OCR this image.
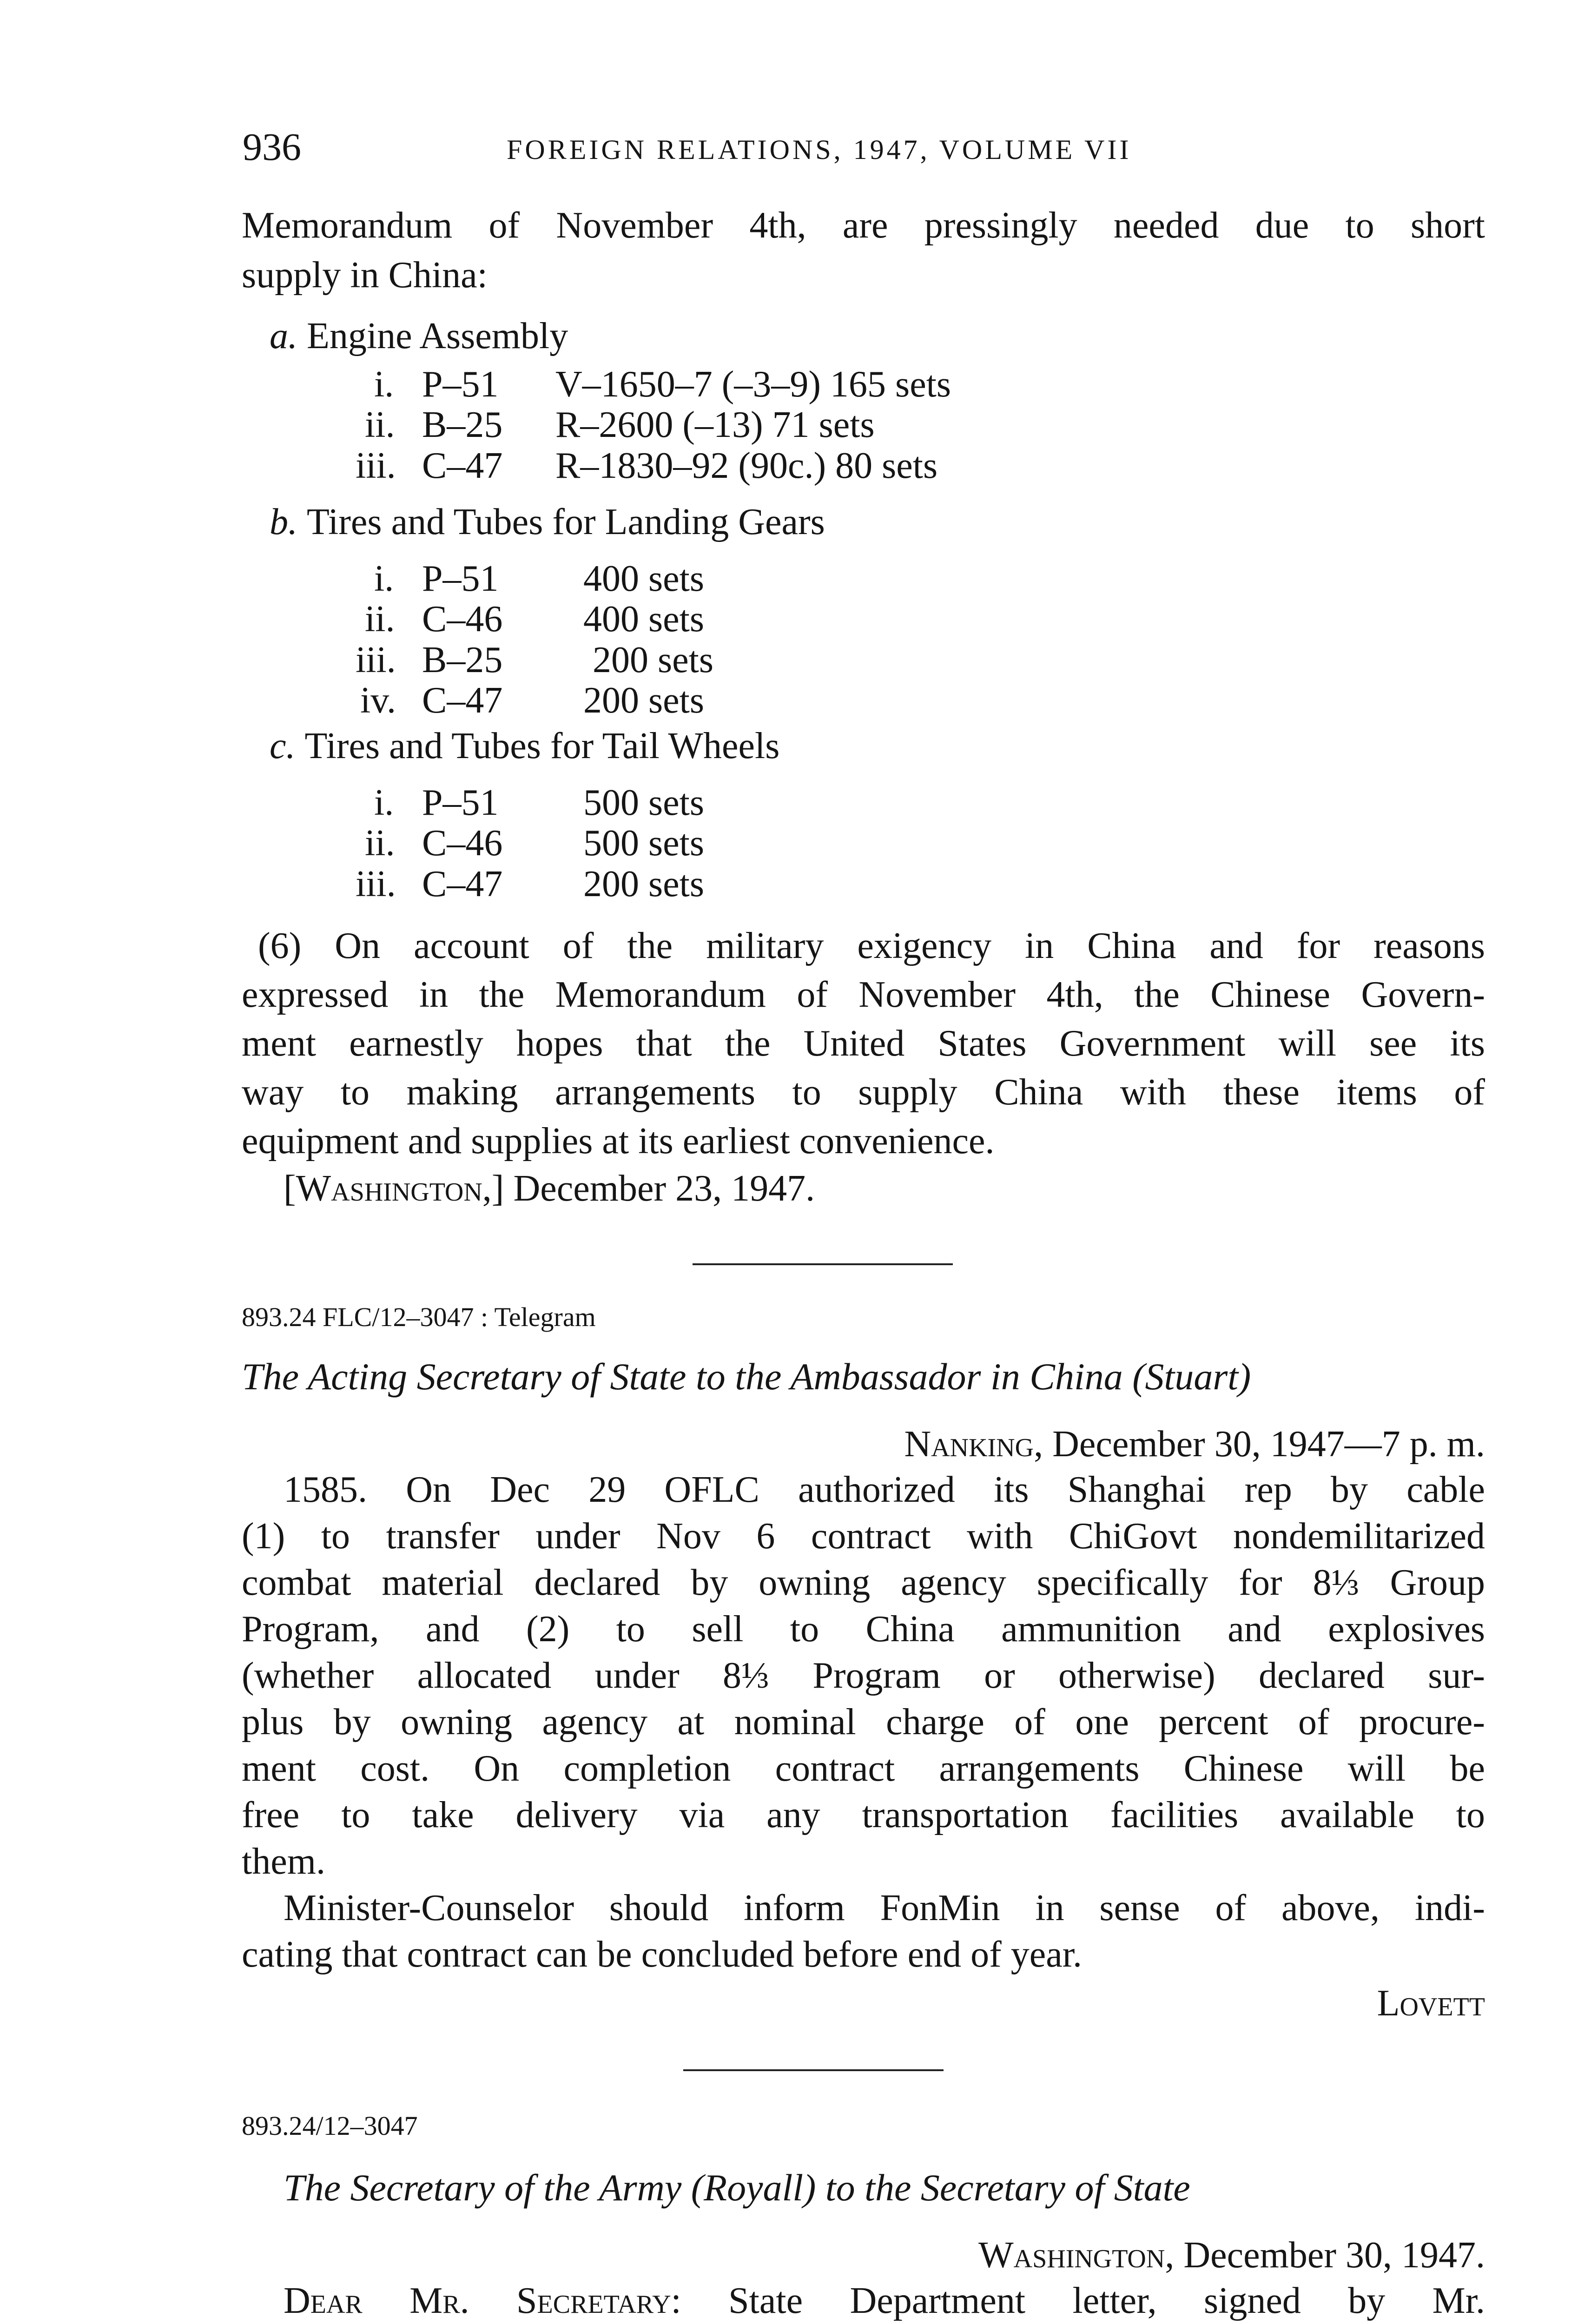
936	FOREIGN RELATIONS, 1947, VOLUME VII
Memorandum of November 4th, are pressingly needed due to short
supply in China:
a. Engine Assembly
b. Tires and Tubes for Landing Gears
c. Tires and Tubes for Tail Wheels
i. P–51 V–1650–7 (–3–9) 165 sets
ii. B–25 R–2600 (–13) 71 sets
iii. C–47 R–1830–92 (90c.) 80 sets
i. P–51 400 sets
ii. C–46 400 sets
iii. B–25 200 sets
iv. C–47 200 sets
i. P–51 500 sets
ii. C–46 500 sets
iii. C–47 200 sets
(6) On account of the military exigency in China and for reasons
expressed in the Memorandum of November 4th, the Chinese Govern-
ment earnestly hopes that the United States Government will see its
way to making arrangements to supply China with these items of
equipment and supplies at its earliest convenience.
[Washington,] December 23, 1947.
893.24 FLC/12–3047 : Telegram
The Acting Secretary of State to the Ambassador in China (Stuart)
Nanking, December 30, 1947—7 p. m.
1585. On Dec 29 OFLC authorized its Shanghai rep by cable
(1) to transfer under Nov 6 contract with ChiGovt nondemilitarized
combat material declared by owning agency specifically for 8⅓ Group
Program, and (2) to sell to China ammunition and explosives
(whether allocated under 8⅓ Program or otherwise) declared sur-
plus by owning agency at nominal charge of one percent of procure-
ment cost. On completion contract arrangements Chinese will be
free to take delivery via any transportation facilities available to
them.
Minister-Counselor should inform FonMin in sense of above, indi-
cating that contract can be concluded before end of year.
Lovett
893.24/12–3047
The Secretary of the Army (Royall) to the Secretary of State
Washington, December 30, 1947.
Dear Mr. Secretary: State Department letter, signed by Mr.
